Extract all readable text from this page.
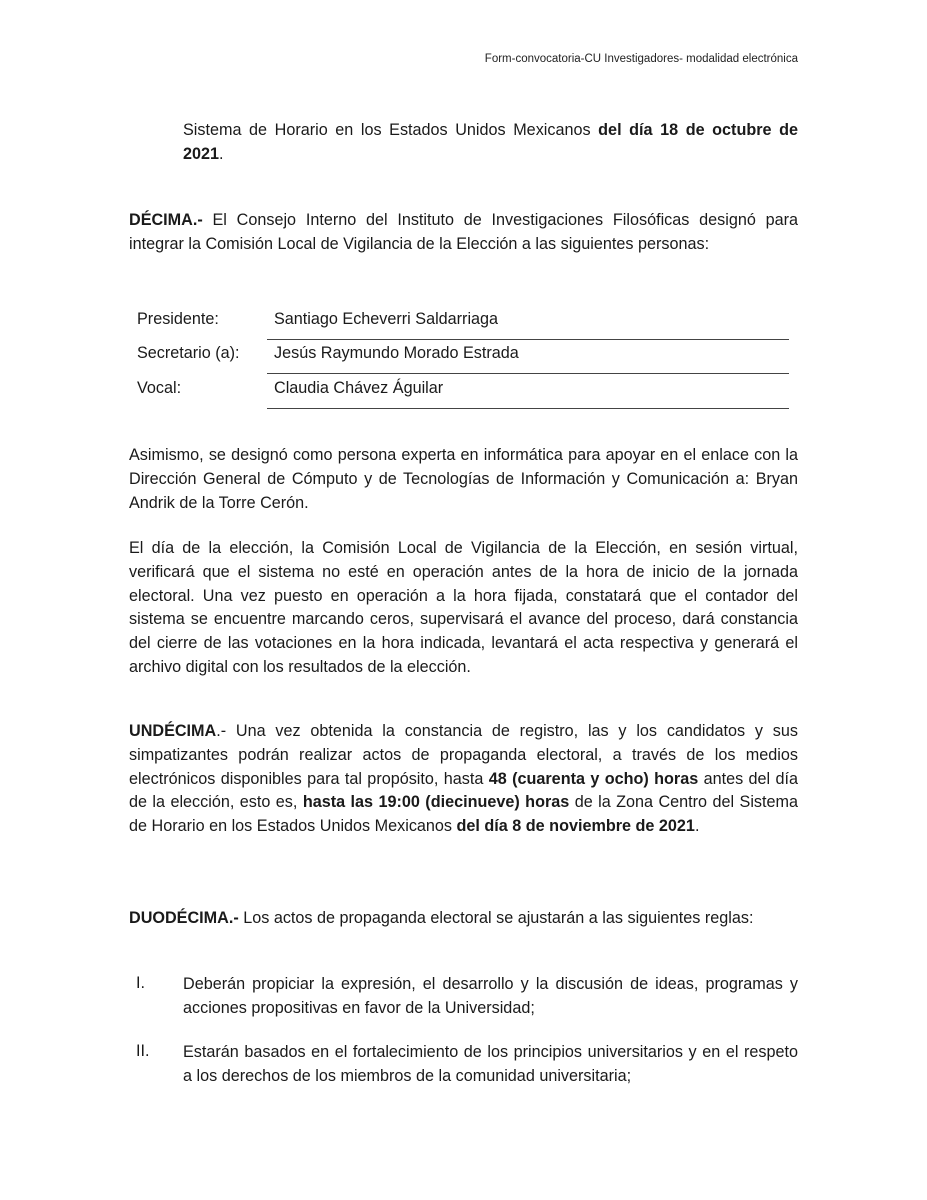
Form-convocatoria-CU Investigadores- modalidad electrónica

Sistema de Horario en los Estados Unidos Mexicanos del día 18 de octubre de 2021.

DÉCIMA.- El Consejo Interno del Instituto de Investigaciones Filosóficas designó para integrar la Comisión Local de Vigilancia de la Elección a las siguientes personas:

Presidente:	Santiago Echeverri Saldarriaga
Secretario (a): Jesús Raymundo Morado Estrada
Vocal:	Claudia Chávez Águilar

Asimismo, se designó como persona experta en informática para apoyar en el enlace con la Dirección General de Cómputo y de Tecnologías de Información y Comunicación a: Bryan Andrik de la Torre Cerón.

El día de la elección, la Comisión Local de Vigilancia de la Elección, en sesión virtual, verificará que el sistema no esté en operación antes de la hora de inicio de la jornada electoral. Una vez puesto en operación a la hora fijada, constatará que el contador del sistema se encuentre marcando ceros, supervisará el avance del proceso, dará constancia del cierre de las votaciones en la hora indicada, levantará el acta respectiva y generará el archivo digital con los resultados de la elección.

UNDÉCIMA.- Una vez obtenida la constancia de registro, las y los candidatos y sus simpatizantes podrán realizar actos de propaganda electoral, a través de los medios electrónicos disponibles para tal propósito, hasta 48 (cuarenta y ocho) horas antes del día de la elección, esto es, hasta las 19:00 (diecinueve) horas de la Zona Centro del Sistema de Horario en los Estados Unidos Mexicanos del día 8 de noviembre de 2021.

DUODÉCIMA.- Los actos de propaganda electoral se ajustarán a las siguientes reglas:

I. Deberán propiciar la expresión, el desarrollo y la discusión de ideas, programas y acciones propositivas en favor de la Universidad;

II. Estarán basados en el fortalecimiento de los principios universitarios y en el respeto a los derechos de los miembros de la comunidad universitaria;
